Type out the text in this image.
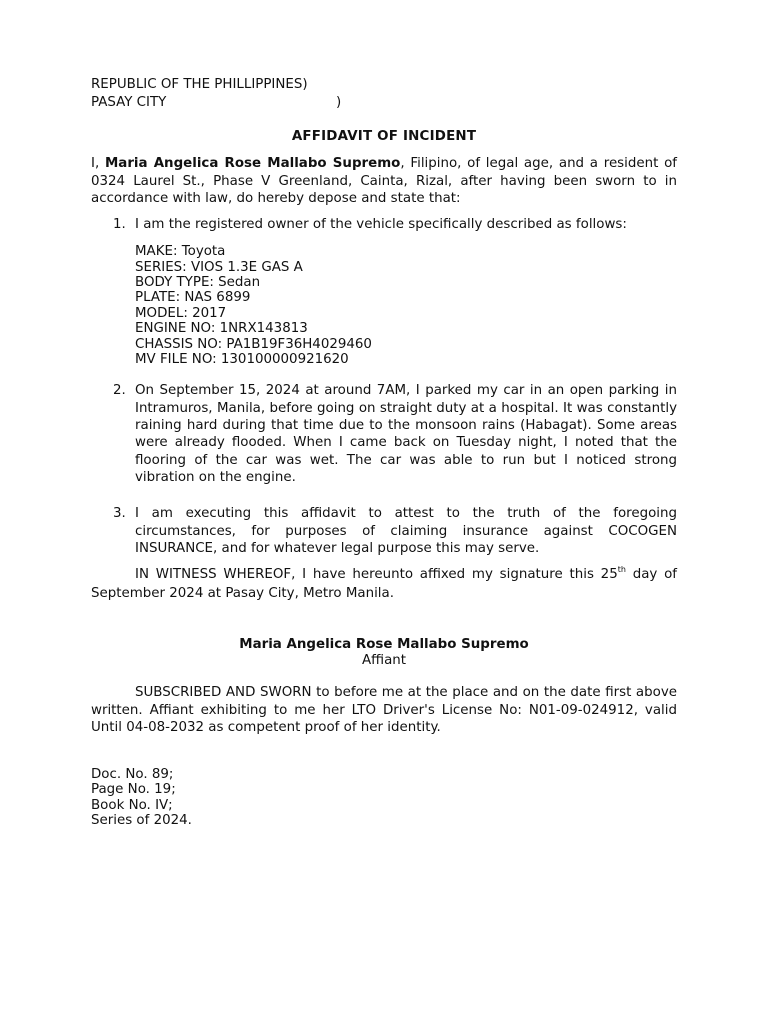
REPUBLIC OF THE PHILLIPPINES)
PASAY CITY	)
AFFIDAVIT OF INCIDENT

I, Maria Angelica Rose Mallabo Supremo, Filipino, of legal age, and a resident of 0324 Laurel St., Phase V Greenland, Cainta, Rizal, after having been sworn to in accordance with law, do hereby depose and state that:

1. I am the registered owner of the vehicle specifically described as follows:
MAKE: Toyota
SERIES: VIOS 1.3E GAS A
BODY TYPE: Sedan
PLATE: NAS 6899
MODEL: 2017
ENGINE NO: 1NRX143813
CHASSIS NO: PA1B19F36H4029460
MV FILE NO: 130100000921620
2. On September 15, 2024 at around 7AM, I parked my car in an open parking in Intramuros, Manila, before going on straight duty at a hospital. It was constantly raining hard during that time due to the monsoon rains (Habagat). Some areas were already flooded. When I came back on Tuesday night, I noted that the flooring of the car was wet. The car was able to run but I noticed strong vibration on the engine.
3. I am executing this affidavit to attest to the truth of the foregoing circumstances, for purposes of claiming insurance against COCOGEN INSURANCE, and for whatever legal purpose this may serve.

IN WITNESS WHEREOF, I have hereunto affixed my signature this 25th day of September 2024 at Pasay City, Metro Manila.

Maria Angelica Rose Mallabo Supremo
Affiant

SUBSCRIBED AND SWORN to before me at the place and on the date first above written. Affiant exhibiting to me her LTO Driver's License No: N01-09-024912, valid Until 04-08-2032 as competent proof of her identity.

Doc. No. 89;
Page No. 19;
Book No. IV;
Series of 2024.
